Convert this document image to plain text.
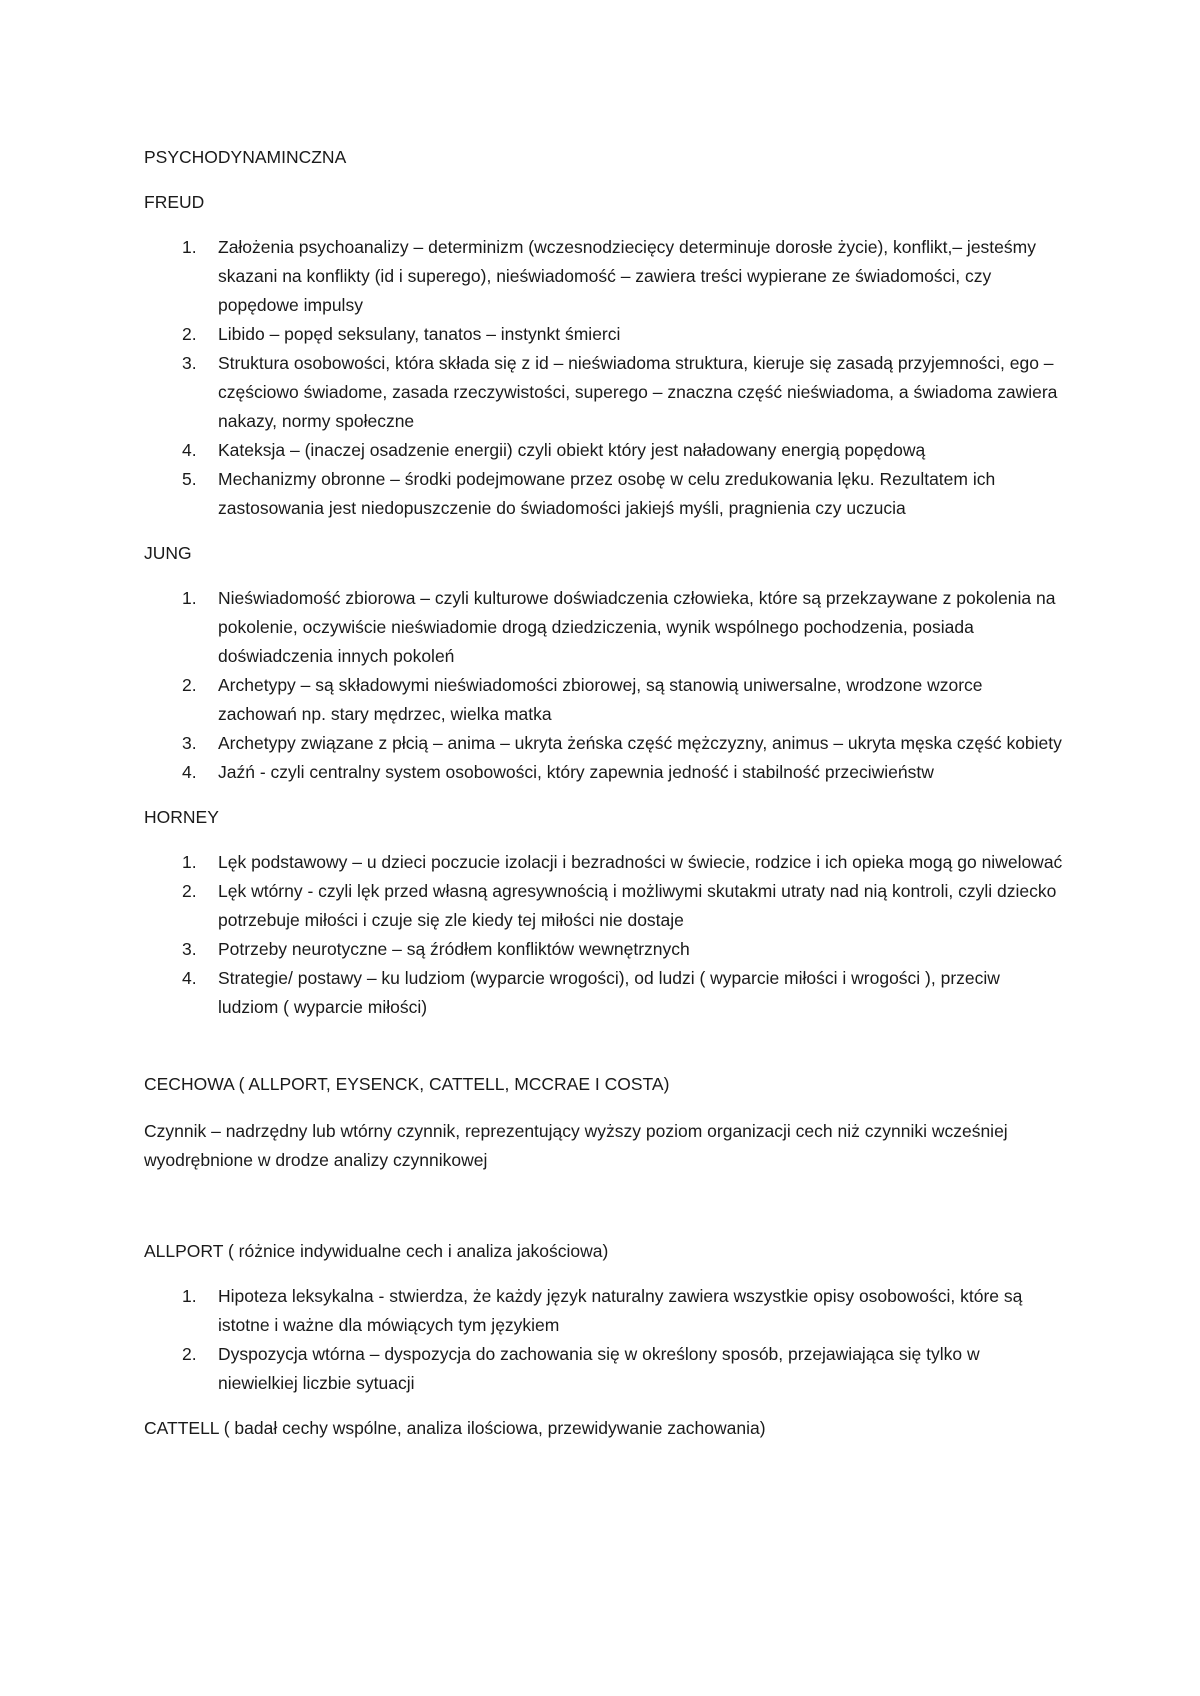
PSYCHODYNAMINCZNA

FREUD

1. Założenia psychoanalizy – determinizm (wczesnodziecięcy determinuje dorosłe życie), konflikt,– jesteśmy skazani na konflikty (id i superego), nieświadomość – zawiera treści wypierane ze świadomości, czy popędowe impulsy
2. Libido – popęd seksulany, tanatos – instynkt śmierci
3. Struktura osobowości, która składa się z id – nieświadoma struktura, kieruje się zasadą przyjemności, ego – częściowo świadome, zasada rzeczywistości, superego – znaczna część nieświadoma, a świadoma zawiera nakazy, normy społeczne
4. Kateksja – (inaczej osadzenie energii) czyli obiekt który jest naładowany energią popędową
5. Mechanizmy obronne – środki podejmowane przez osobę w celu zredukowania lęku. Rezultatem ich zastosowania jest niedopuszczenie do świadomości jakiejś myśli, pragnienia czy uczucia

JUNG

1. Nieświadomość zbiorowa – czyli kulturowe doświadczenia człowieka, które są przekzaywane z pokolenia na pokolenie, oczywiście nieświadomie drogą dziedziczenia, wynik wspólnego pochodzenia, posiada doświadczenia innych pokoleń
2. Archetypy – są składowymi nieświadomości zbiorowej, są stanowią uniwersalne, wrodzone wzorce zachowań np. stary mędrzec, wielka matka
3. Archetypy związane z płcią – anima – ukryta żeńska część mężczyzny, animus – ukryta męska część kobiety
4. Jaźń - czyli centralny system osobowości, który zapewnia jedność i stabilność przeciwieństw

HORNEY

1. Lęk podstawowy – u dzieci poczucie izolacji i bezradności w świecie, rodzice i ich opieka mogą go niwelować
2. Lęk wtórny - czyli lęk przed własną agresywnością i możliwymi skutakmi utraty nad nią kontroli, czyli dziecko potrzebuje miłości i czuje się zle kiedy tej miłości nie dostaje
3. Potrzeby neurotyczne – są źródłem konfliktów wewnętrznych
4. Strategie/ postawy – ku ludziom (wyparcie wrogości), od ludzi ( wyparcie miłości i wrogości ), przeciw ludziom ( wyparcie miłości)

CECHOWA ( ALLPORT, EYSENCK, CATTELL, MCCRAE I COSTA)

Czynnik – nadrzędny lub wtórny czynnik, reprezentujący wyższy poziom organizacji cech niż czynniki wcześniej wyodrębnione w drodze analizy czynnikowej

ALLPORT ( różnice indywidualne cech i analiza jakościowa)

1. Hipoteza leksykalna - stwierdza, że każdy język naturalny zawiera wszystkie opisy osobowości, które są istotne i ważne dla mówiących tym językiem
2. Dyspozycja wtórna – dyspozycja do zachowania się w określony sposób, przejawiająca się tylko w niewielkiej liczbie sytuacji

CATTELL ( badał cechy wspólne, analiza ilościowa, przewidywanie zachowania)
